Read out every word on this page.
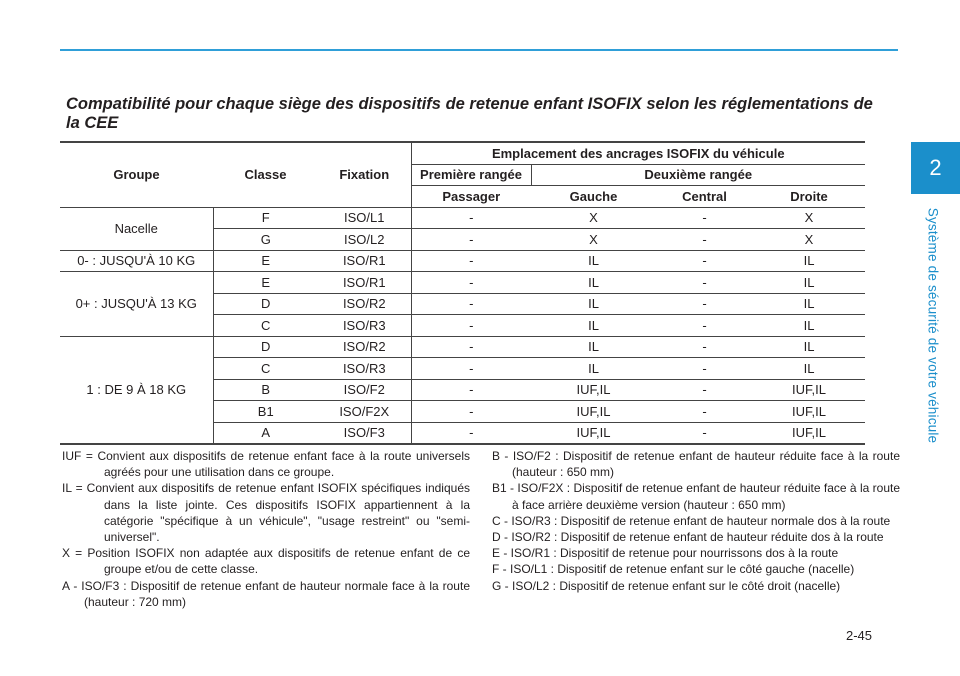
2
Système de sécurité de votre véhicule
Compatibilité pour chaque siège des dispositifs de retenue enfant ISOFIX selon les réglementations de la CEE
Groupe	Classe	Fixation	Emplacement des ancrages ISOFIX du véhicule			
			Première rangée	Deuxième rangée		
			Passager	Gauche	Central	Droite
Nacelle	F	ISO/L1	-	X	-	X
	G	ISO/L2	-	X	-	X
0- : JUSQU'À 10 KG	E	ISO/R1	-	IL	-	IL
0+ : JUSQU'À 13 KG	E	ISO/R1	-	IL	-	IL
	D	ISO/R2	-	IL	-	IL
	C	ISO/R3	-	IL	-	IL
1 : DE 9 À 18 KG	D	ISO/R2	-	IL	-	IL
	C	ISO/R3	-	IL	-	IL
	B	ISO/F2	-	IUF,IL	-	IUF,IL
	B1	ISO/F2X	-	IUF,IL	-	IUF,IL
	A	ISO/F3	-	IUF,IL	-	IUF,IL
IUF = Convient aux dispositifs de retenue enfant face à la route universels agréés pour une utilisation dans ce groupe.
IL = Convient aux dispositifs de retenue enfant ISOFIX spécifiques indiqués dans la liste jointe. Ces dispositifs ISOFIX appartiennent à la catégorie "spécifique à un véhicule", "usage restreint" ou "semi-universel".
X = Position ISOFIX non adaptée aux dispositifs de retenue enfant de ce groupe et/ou de cette classe.
A - ISO/F3 : Dispositif de retenue enfant de hauteur normale face à la route (hauteur : 720 mm)
B - ISO/F2 : Dispositif de retenue enfant de hauteur réduite face à la route (hauteur : 650 mm)
B1 - ISO/F2X : Dispositif de retenue enfant de hauteur réduite face à la route à face arrière deuxième version (hauteur : 650 mm)
C - ISO/R3 : Dispositif de retenue enfant de hauteur normale dos à la route
D - ISO/R2 : Dispositif de retenue enfant de hauteur réduite dos à la route
E - ISO/R1 : Dispositif de retenue pour nourrissons dos à la route
F - ISO/L1 : Dispositif de retenue enfant sur le côté gauche (nacelle)
G - ISO/L2 : Dispositif de retenue enfant sur le côté droit (nacelle)
2-45
